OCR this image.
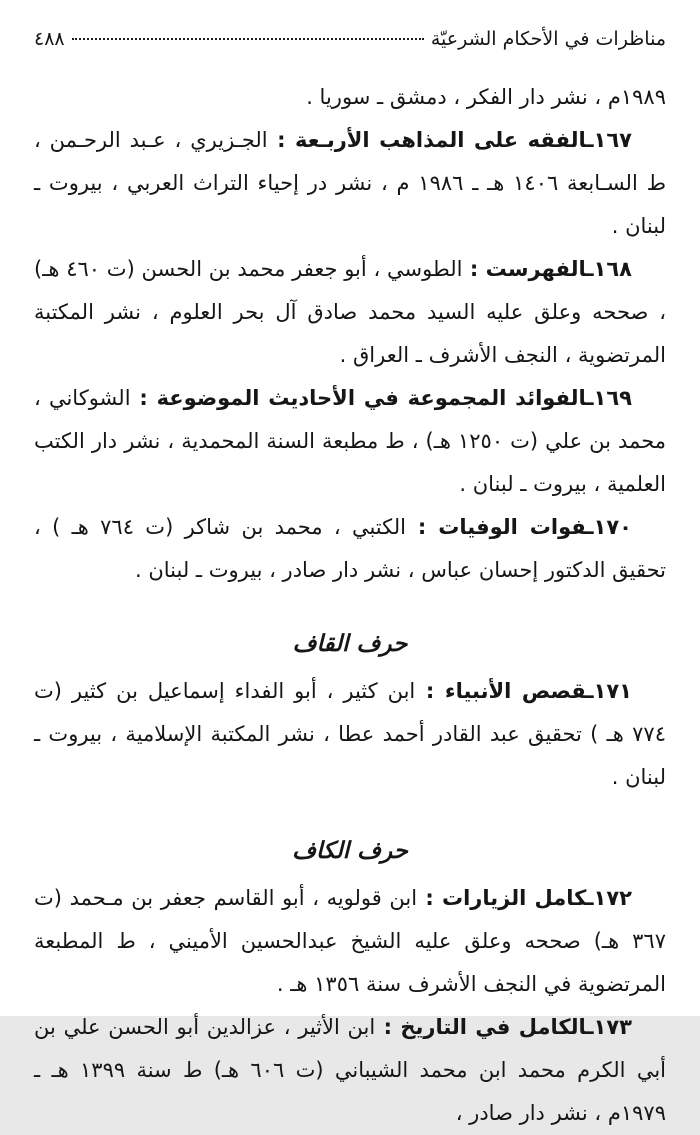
مناظرات في الأحكام الشرعيّة
٤٨٨

١٩٨٩م ، نشر دار الفكر ، دمشق ـ سوريا .

١٦٧ـالفقه على المذاهب الأربـعة : الجـزيري ، عـبد الرحـمن ، ط السـابعة ١٤٠٦ هـ ـ ١٩٨٦ م ، نشر در إحياء التراث العربي ، بيروت ـ لبنان .

١٦٨ـالفهرست : الطوسي ، أبو جعفر محمد بن الحسن (ت ٤٦٠ هـ) ، صححه وعلق عليه السيد محمد صادق آل بحر العلوم ، نشر المكتبة المرتضوية ، النجف الأشرف ـ العراق .

١٦٩ـالفوائد المجموعة في الأحاديث الموضوعة : الشوكاني ، محمد بن علي (ت ١٢٥٠ هـ) ، ط مطبعة السنة المحمدية ، نشر دار الكتب العلمية ، بيروت ـ لبنان .

١٧٠ـفوات الوفيات : الكتبي ، محمد بن شاكر (ت ٧٦٤ هـ ) ، تحقيق الدكتور إحسان عباس ، نشر دار صادر ، بيروت ـ لبنان .

حرف القاف

١٧١ـقصص الأنبياء : ابن كثير ، أبو الفداء إسماعيل بن كثير (ت ٧٧٤ هـ ) تحقيق عبد القادر أحمد عطا ، نشر المكتبة الإسلامية ، بيروت ـ لبنان .

حرف الكاف

١٧٢ـكامل الزيارات : ابن قولويه ، أبو القاسم جعفر بن مـحمد (ت ٣٦٧ هـ) صححه وعلق عليه الشيخ عبدالحسين الأميني ، ط المطبعة المرتضوية في النجف الأشرف سنة ١٣٥٦ هـ .

١٧٣ـالكامل في التاريخ : ابن الأثير ، عزالدين أبو الحسن علي بن أبي الكرم محمد ابن محمد الشيباني (ت ٦٠٦ هـ) ط سنة ١٣٩٩ هـ ـ ١٩٧٩م ، نشر دار صادر ،
